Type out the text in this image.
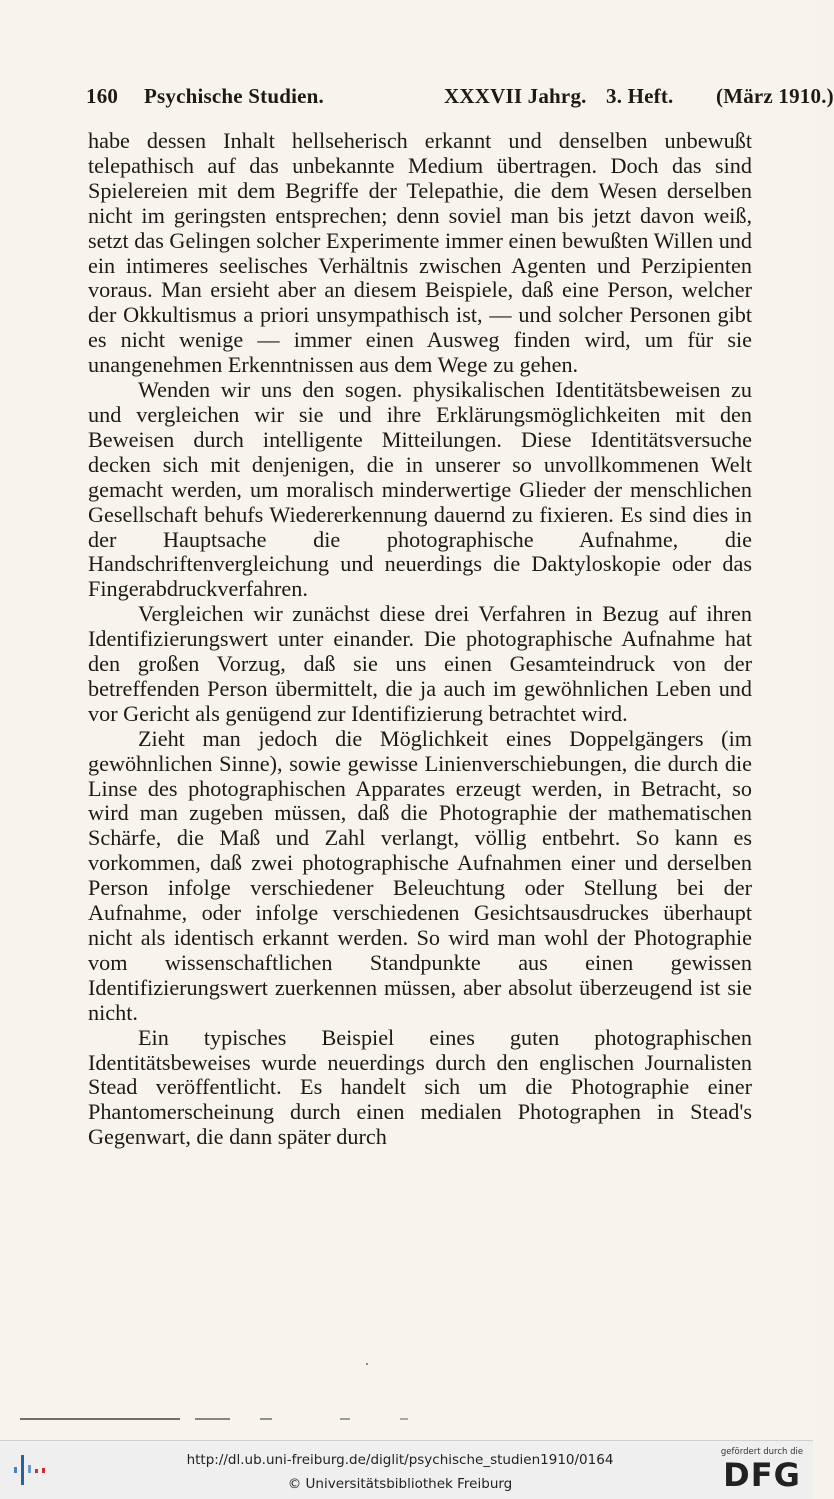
160 Psychische Studien.	XXXVII Jahrg. 3. Heft. (März 1910.)

habe dessen Inhalt hellseherisch erkannt und denselben unbewußt telepathisch auf das unbekannte Medium übertragen. Doch das sind Spielereien mit dem Begriffe der Telepathie, die dem Wesen derselben nicht im geringsten entsprechen; denn soviel man bis jetzt davon weiß, setzt das Gelingen solcher Experimente immer einen bewußten Willen und ein intimeres seelisches Verhältnis zwischen Agenten und Perzipienten voraus. Man ersieht aber an diesem Beispiele, daß eine Person, welcher der Okkultismus a priori unsympathisch ist, — und solcher Personen gibt es nicht wenige — immer einen Ausweg finden wird, um für sie unangenehmen Erkenntnissen aus dem Wege zu gehen.

Wenden wir uns den sogen. physikalischen Identitätsbeweisen zu und vergleichen wir sie und ihre Erklärungsmöglichkeiten mit den Beweisen durch intelligente Mitteilungen. Diese Identitätsversuche decken sich mit denjenigen, die in unserer so unvollkommenen Welt gemacht werden, um moralisch minderwertige Glieder der menschlichen Gesellschaft behufs Wiedererkennung dauernd zu fixieren. Es sind dies in der Hauptsache die photographische Aufnahme, die Handschriftenvergleichung und neuerdings die Daktyloskopie oder das Fingerabdruckverfahren.

Vergleichen wir zunächst diese drei Verfahren in Bezug auf ihren Identifizierungswert unter einander. Die photographische Aufnahme hat den großen Vorzug, daß sie uns einen Gesamteindruck von der betreffenden Person übermittelt, die ja auch im gewöhnlichen Leben und vor Gericht als genügend zur Identifizierung betrachtet wird.

Zieht man jedoch die Möglichkeit eines Doppelgängers (im gewöhnlichen Sinne), sowie gewisse Linienverschiebungen, die durch die Linse des photographischen Apparates erzeugt werden, in Betracht, so wird man zugeben müssen, daß die Photographie der mathematischen Schärfe, die Maß und Zahl verlangt, völlig entbehrt. So kann es vorkommen, daß zwei photographische Aufnahmen einer und derselben Person infolge verschiedener Beleuchtung oder Stellung bei der Aufnahme, oder infolge verschiedenen Gesichtsausdruckes überhaupt nicht als identisch erkannt werden. So wird man wohl der Photographie vom wissenschaftlichen Standpunkte aus einen gewissen Identifizierungswert zuerkennen müssen, aber absolut überzeugend ist sie nicht.

Ein typisches Beispiel eines guten photographischen Identitätsbeweises wurde neuerdings durch den englischen Journalisten Stead veröffentlicht. Es handelt sich um die Photographie einer Phantomerscheinung durch einen medialen Photographen in Stead's Gegenwart, die dann später durch

http://dl.ub.uni-freiburg.de/diglit/psychische_studien1910/0164
© Universitätsbibliothek Freiburg
gefördert durch die
DFG
